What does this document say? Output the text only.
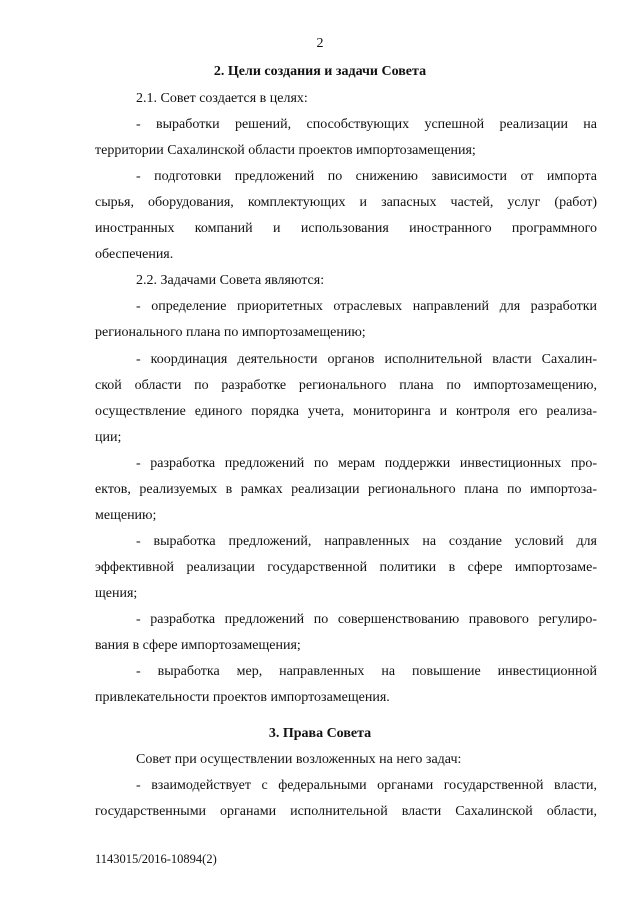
2
2. Цели создания и задачи Совета
2.1. Совет создается в целях:
- выработки решений, способствующих успешной реализации на
территории Сахалинской области проектов импортозамещения;
- подготовки предложений по снижению зависимости от импорта
сырья, оборудования, комплектующих и запасных частей, услуг (работ)
иностранных компаний и использования иностранного программного
обеспечения.
2.2. Задачами Совета являются:
- определение приоритетных отраслевых направлений для разработки
регионального плана по импортозамещению;
- координация деятельности органов исполнительной власти Сахалин-
ской области по разработке регионального плана по импортозамещению,
осуществление единого порядка учета, мониторинга и контроля его реализа-
ции;
- разработка предложений по мерам поддержки инвестиционных про-
ектов, реализуемых в рамках реализации регионального плана по импортоза-
мещению;
- выработка предложений, направленных на создание условий для
эффективной реализации государственной политики в сфере импортозаме-
щения;
- разработка предложений по совершенствованию правового регулиро-
вания в сфере импортозамещения;
- выработка мер, направленных на повышение инвестиционной
привлекательности проектов импортозамещения.
3. Права Совета
Совет при осуществлении возложенных на него задач:
- взаимодействует с федеральными органами государственной власти,
государственными органами исполнительной власти Сахалинской области,
1143015/2016-10894(2)
